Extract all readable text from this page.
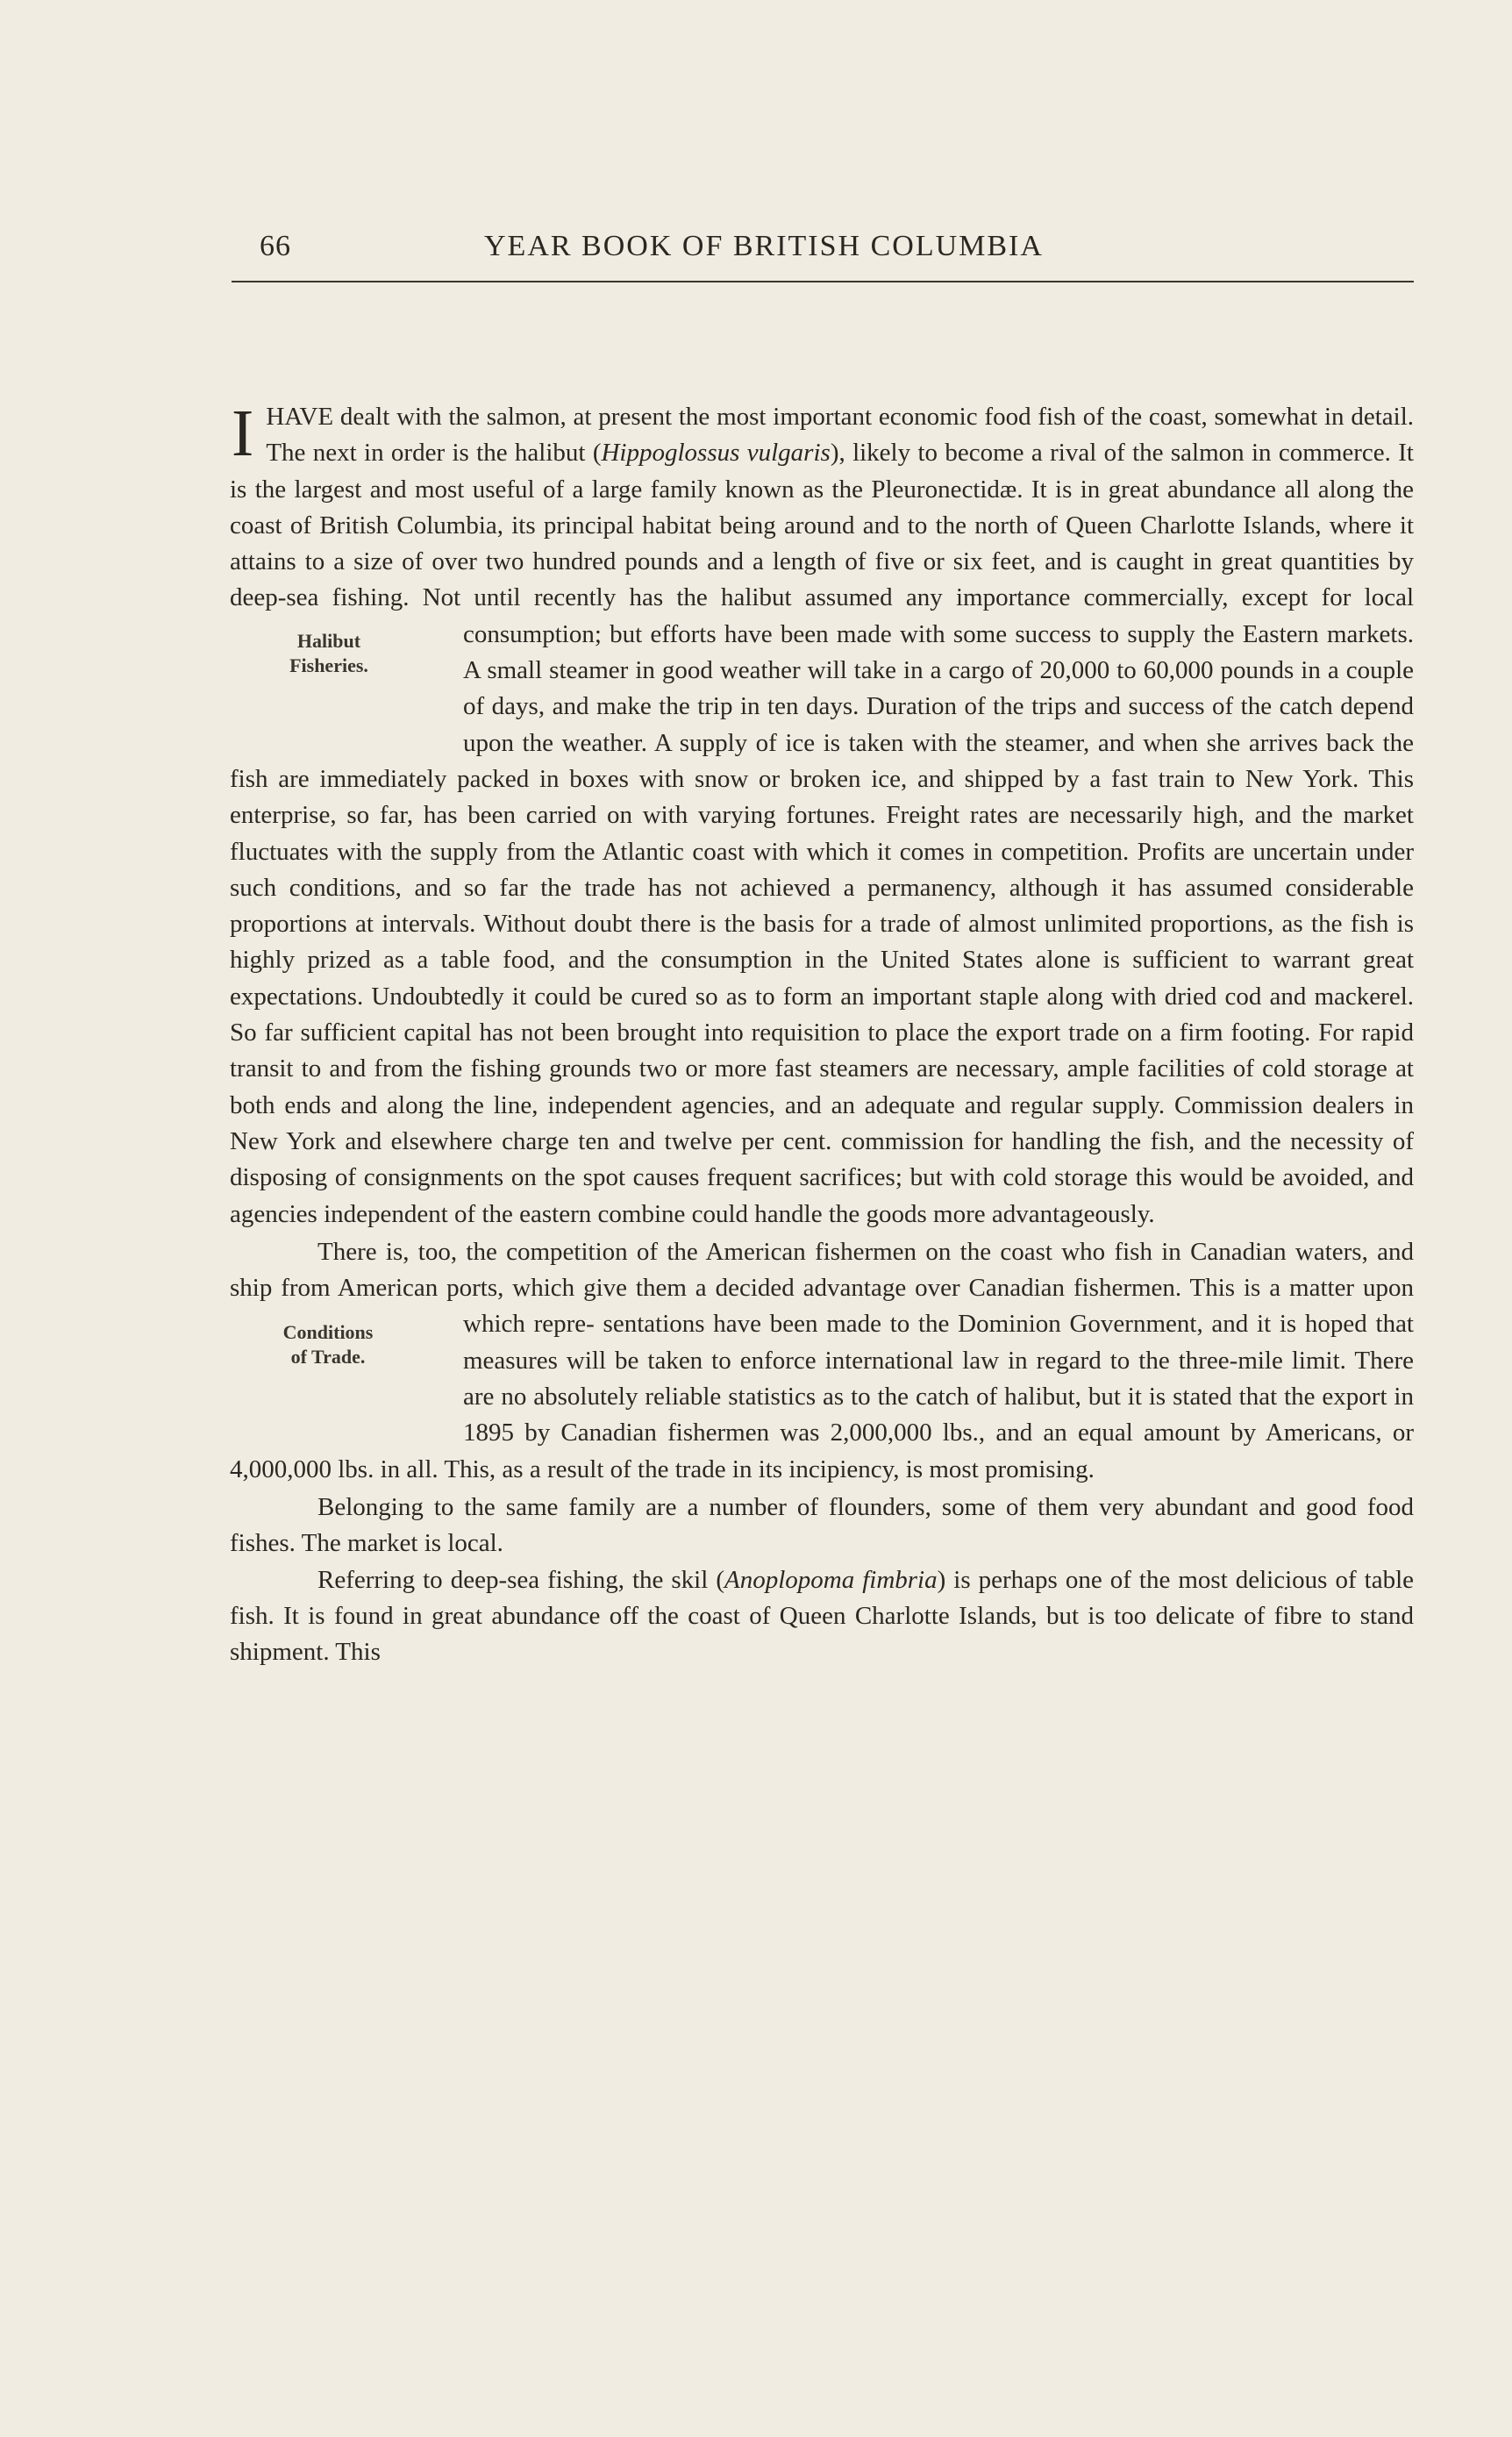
66	YEAR BOOK OF BRITISH COLUMBIA

IHAVE dealt with the salmon, at present the most important economic food fish of the coast, somewhat in detail. The next in order is the halibut (Hippoglossus vulgaris), likely to become a rival of the salmon in commerce. It is the largest and most useful of a large family known as the Pleuronectidæ. It is in great abundance all along the coast of British Columbia, its principal habitat being around and to the north of Queen Charlotte Islands, where it attains to a size of over two hundred pounds and a length of five or six feet, and is caught in great quantities by deep-sea fishing. Not until recently has the halibut assumed any importance commercially, except for local consumption; but efforts have been made
Halibut
Fisheries.
with some success to supply the Eastern markets. A small steamer in good weather will take in a cargo of 20,000 to 60,000 pounds in a couple of days, and make the trip in ten days. Duration of the trips and success of the catch depend upon the weather. A supply of ice is taken with the steamer, and when she arrives back the fish are immediately packed in boxes with snow or broken ice, and shipped by a fast train to New York. This enterprise, so far, has been carried on with varying fortunes. Freight rates are necessarily high, and the market fluctuates with the supply from the Atlantic coast with which it comes in competition. Profits are uncertain under such conditions, and so far the trade has not achieved a permanency, although it has assumed considerable proportions at intervals. Without doubt there is the basis for a trade of almost unlimited proportions, as the fish is highly prized as a table food, and the consumption in the United States alone is sufficient to warrant great expectations. Undoubtedly it could be cured so as to form an important staple along with dried cod and mackerel. So far sufficient capital has not been brought into requisition to place the export trade on a firm footing. For rapid transit to and from the fishing grounds two or more fast steamers are necessary, ample facilities of cold storage at both ends and along the line, independent agencies, and an adequate and regular supply. Commission dealers in New York and elsewhere charge ten and twelve per cent. commission for handling the fish, and the necessity of disposing of consignments on the spot causes frequent sacrifices; but with cold storage this would be avoided, and agencies independent of the eastern combine could handle the goods more advantageously.

There is, too, the competition of the American fishermen on the coast who fish in Canadian waters, and ship from American ports, which give them a decided advantage over Canadian fishermen. This is a matter upon which repre-
Conditions
of Trade.
sentations have been made to the Dominion Government, and it is hoped that measures will be taken to enforce international law in regard to the three-mile limit. There are no absolutely reliable statistics as to the catch of halibut, but it is stated that the export in 1895 by Canadian fishermen was 2,000,000 lbs., and an equal amount by Americans, or 4,000,000 lbs. in all. This, as a result of the trade in its incipiency, is most promising.

Belonging to the same family are a number of flounders, some of them very abundant and good food fishes. The market is local.

Referring to deep-sea fishing, the skil (Anoplopoma fimbria) is perhaps one of the most delicious of table fish. It is found in great abundance off the coast of Queen Charlotte Islands, but is too delicate of fibre to stand shipment. This
